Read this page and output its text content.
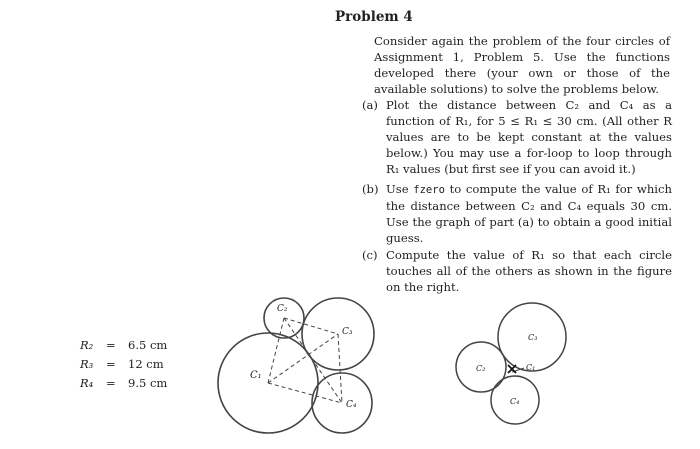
Problem 4
Consider again the problem of the four circles of Assignment 1, Problem 5. Use the functions developed there (your own or those of the available solutions) to solve the problems below.
(a) Plot the distance between C₂ and C₄ as a function of R₁, for 5 ≤ R₁ ≤ 30 cm. (All other R values are to be kept constant at the values below.) You may use a for-loop to loop through R₁ values (but first see if you can avoid it.)
(b) Use fzero to compute the value of R₁ for which the distance between C₂ and C₄ equals 30 cm. Use the graph of part (a) to obtain a good initial guess.
(c) Compute the value of R₁ so that each circle touches all of the others as shown in the figure on the right.
R₂ = 6.5 cm
R₃ = 12 cm
R₄ = 9.5 cm
C₁
C₂
C₃
C₄
C₁
C₂
C₃
C₄
